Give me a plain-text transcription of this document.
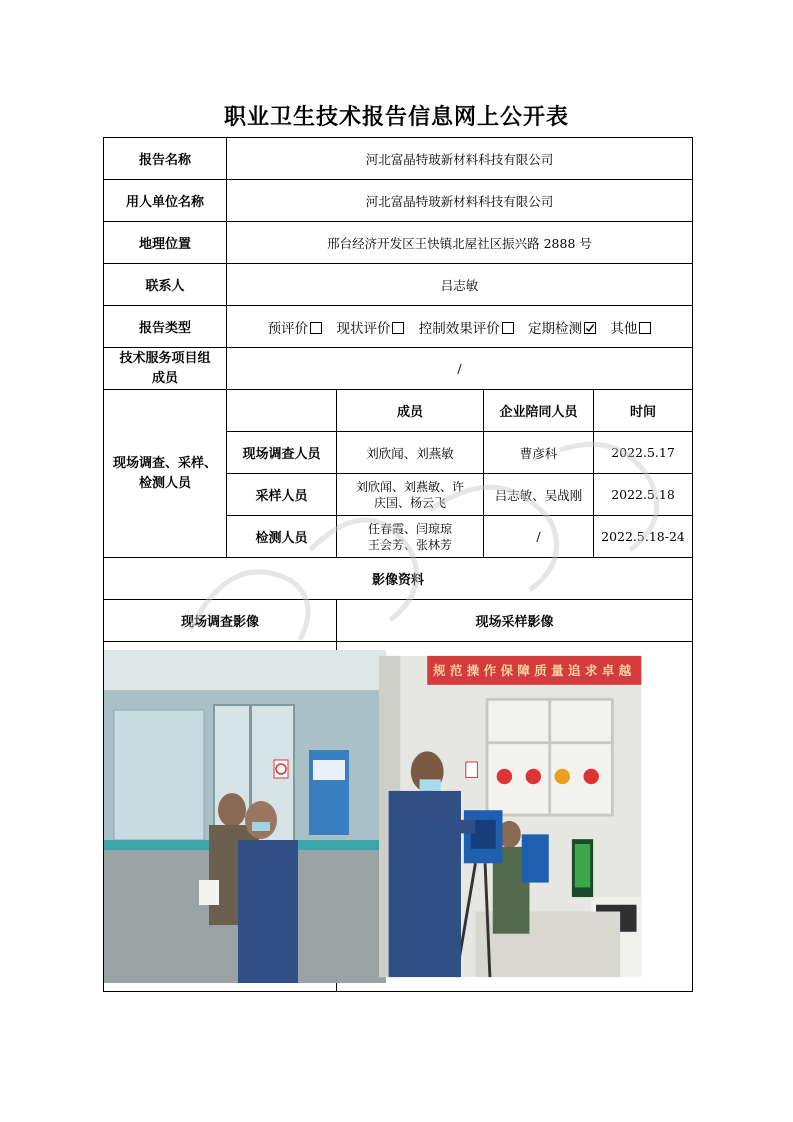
职业卫生技术报告信息网上公开表
报告名称	河北富晶特玻新材料科技有限公司			
用人单位名称	河北富晶特玻新材料科技有限公司			
地理位置	邢台经济开发区王快镇北屋社区振兴路 2888 号			
联系人	吕志敏			
报告类型	预评价 现状评价 控制效果评价 定期检测 其他			

技术服务项目组
成员	/			

现场调查、采样、
检测人员		成员	企业陪同人员	时间
	现场调查人员	刘欣闻、刘燕敏	曹彦科	2022.5.17
	采样人员	刘欣闻、刘燕敏、许
庆国、杨云飞	吕志敏、吴战刚	2022.5.18
	检测人员	任春霞、闫琼琼
王会芳、张林芳	/	2022.5.18-24
影像资料				
现场调查影像		现场采样影像		

规 范 操 作 保 障 质 量 追 求 卓 越		
